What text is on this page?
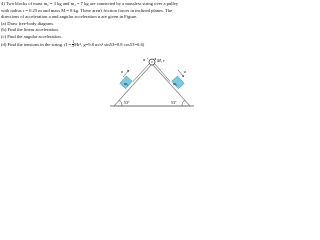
4) Two blocks of mass m₁ = 3 kg and m₂ = 7 kg are connected by a massless string over a pulley

with radius r = 0.25 m and mass M = 8 kg. There aren't friction forces in inclined planes. The

directions of acceleration a and angular acceleration α are given in Figure.

(a) Draw free-body diagram.

(b) Find the linear acceleration.

(c) Find the angular acceleration.

(d) Find the tensions in the string. ($I = \frac{1}{2} Mr^2$, g=9.8 m/s² sin53=0.8 cos53=0.6)

M, r
α
m₁	m₂
a	a
53°	53°
